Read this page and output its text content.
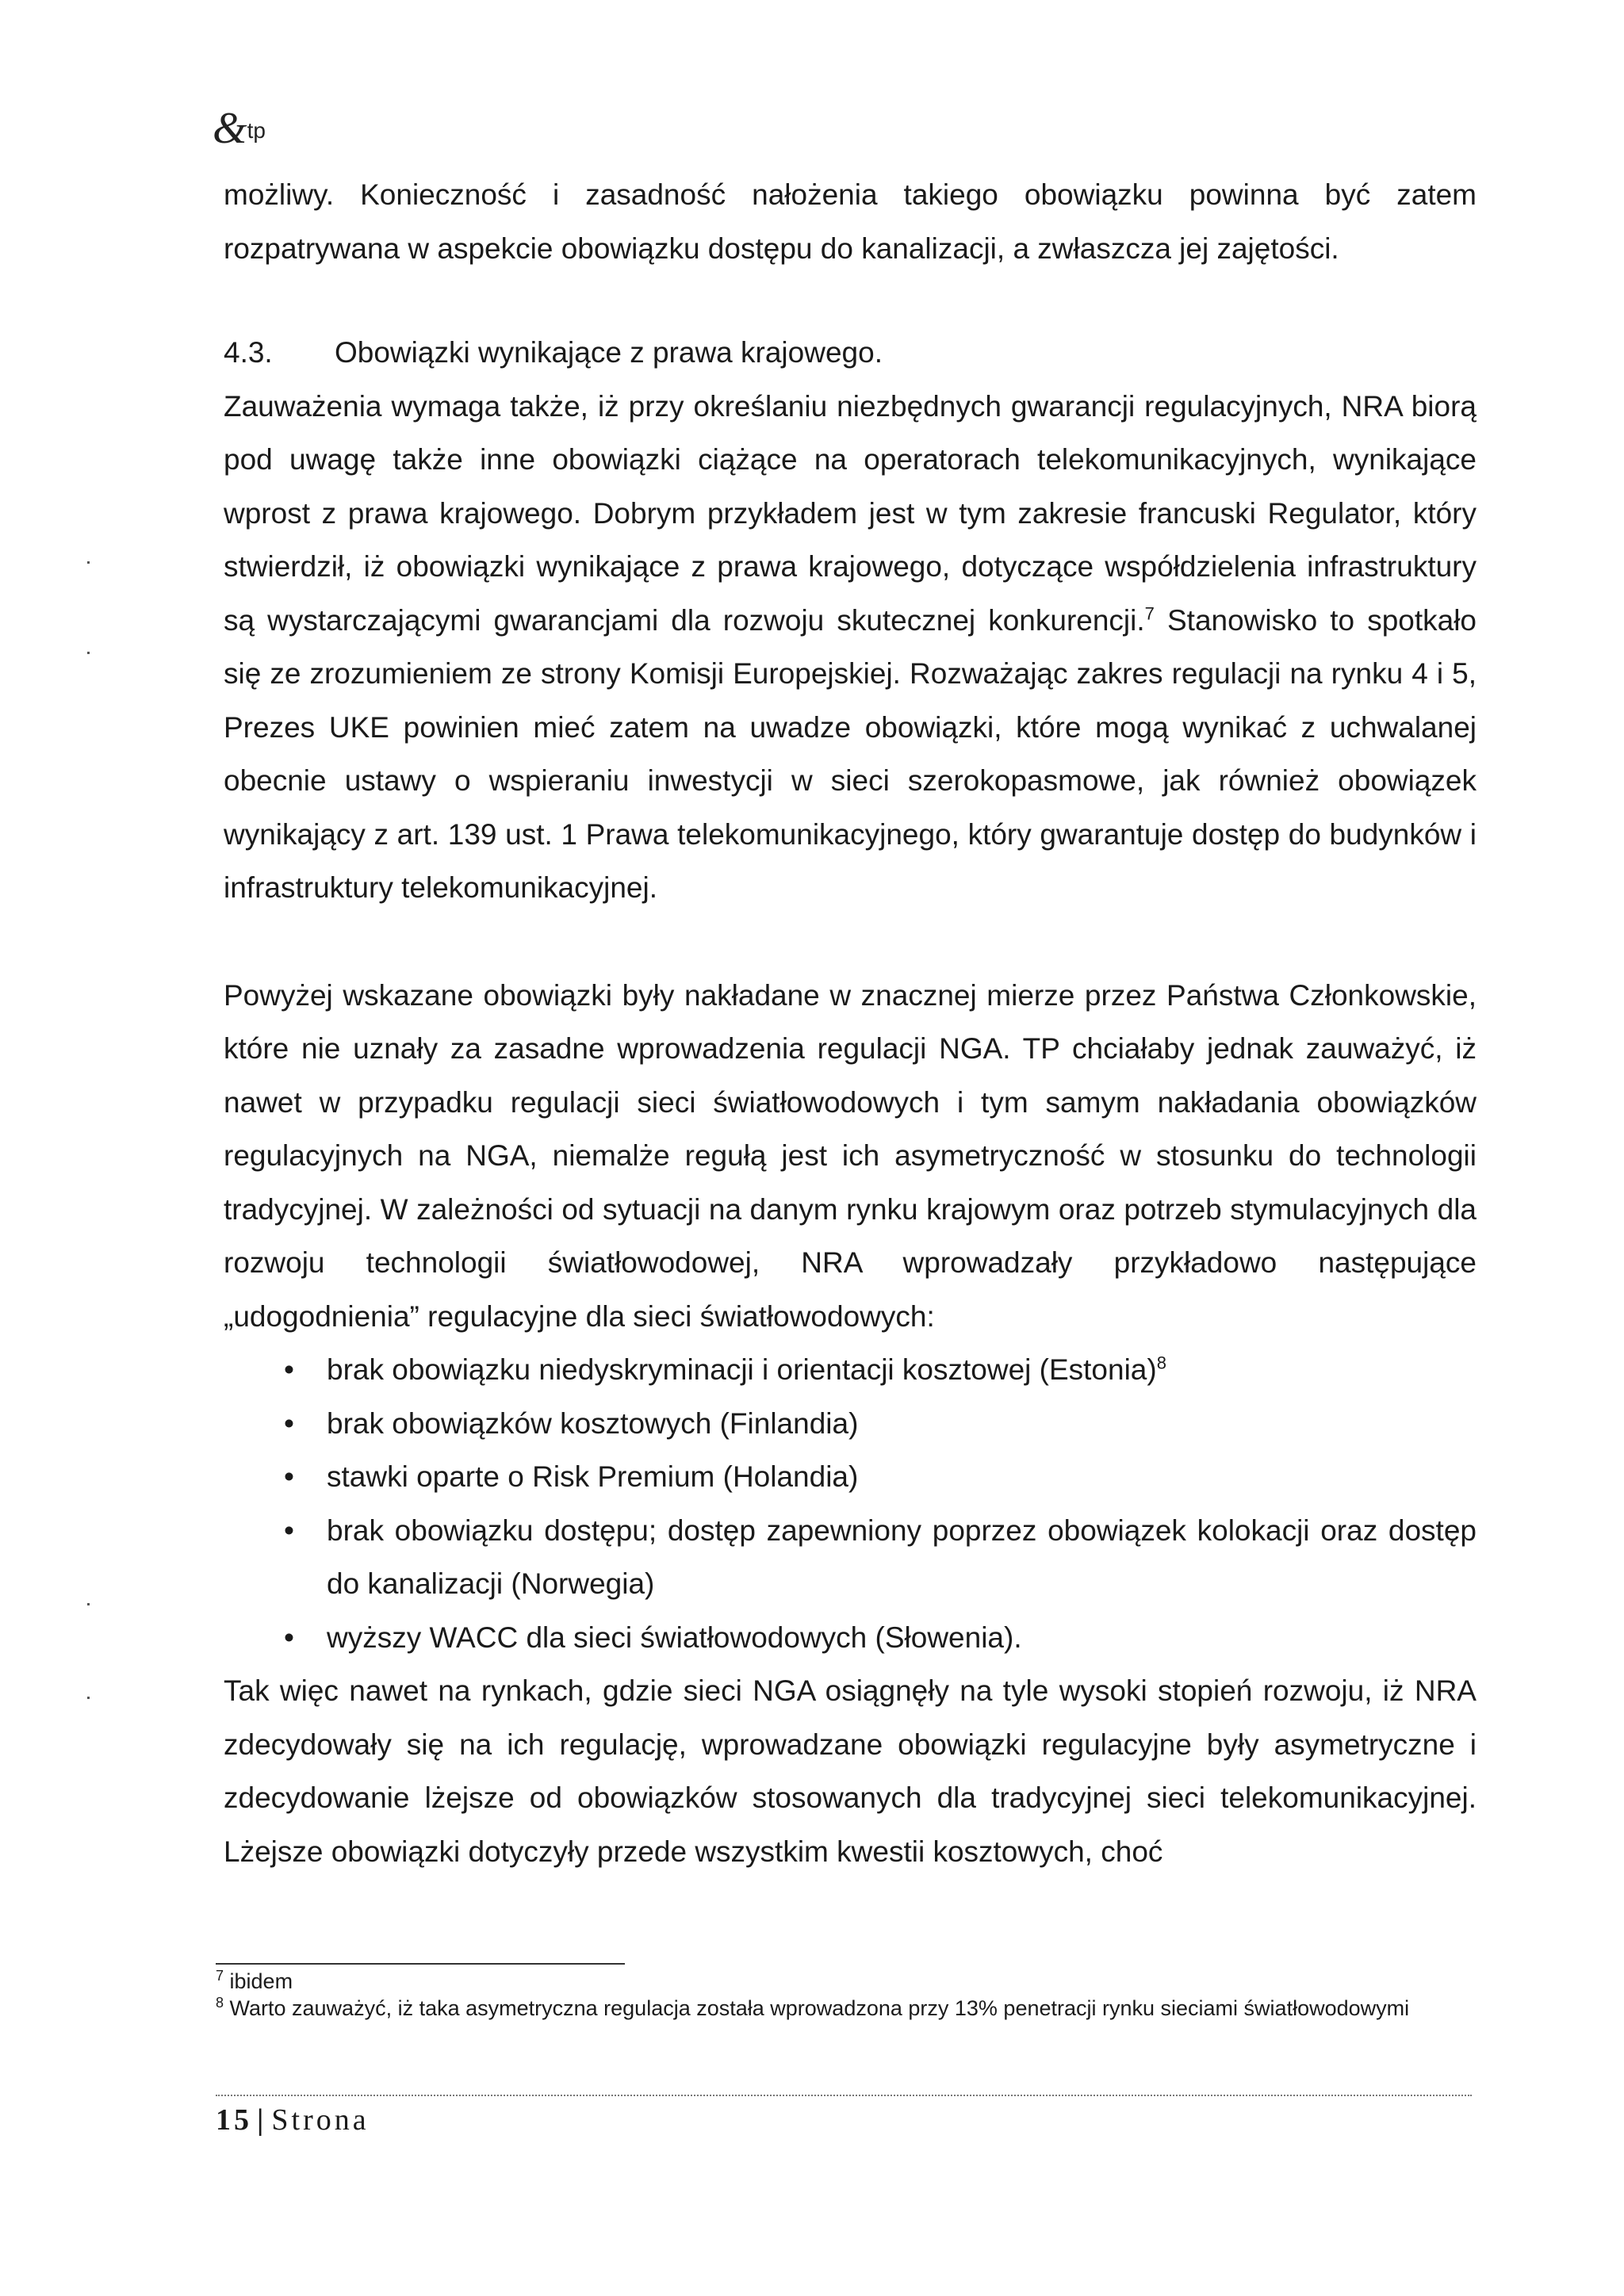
&tp

możliwy. Konieczność i zasadność nałożenia takiego obowiązku powinna być zatem rozpatrywana w aspekcie obowiązku dostępu do kanalizacji, a zwłaszcza jej zajętości.

4.3.	Obowiązki wynikające z prawa krajowego.

Zauważenia wymaga także, iż przy określaniu niezbędnych gwarancji regulacyjnych, NRA biorą pod uwagę także inne obowiązki ciążące na operatorach telekomunikacyjnych, wynikające wprost z prawa krajowego. Dobrym przykładem jest w tym zakresie francuski Regulator, który stwierdził, iż obowiązki wynikające z prawa krajowego, dotyczące współdzielenia infrastruktury są wystarczającymi gwarancjami dla rozwoju skutecznej konkurencji.$^7$ Stanowisko to spotkało się ze zrozumieniem ze strony Komisji Europejskiej. Rozważając zakres regulacji na rynku 4 i 5, Prezes UKE powinien mieć zatem na uwadze obowiązki, które mogą wynikać z uchwalanej obecnie ustawy o wspieraniu inwestycji w sieci szerokopasmowe, jak również obowiązek wynikający z art. 139 ust. 1 Prawa telekomunikacyjnego, który gwarantuje dostęp do budynków i infrastruktury telekomunikacyjnej.

Powyżej wskazane obowiązki były nakładane w znacznej mierze przez Państwa Członkowskie, które nie uznały za zasadne wprowadzenia regulacji NGA. TP chciałaby jednak zauważyć, iż nawet w przypadku regulacji sieci światłowodowych i tym samym nakładania obowiązków regulacyjnych na NGA, niemalże regułą jest ich asymetryczność w stosunku do technologii tradycyjnej. W zależności od sytuacji na danym rynku krajowym oraz potrzeb stymulacyjnych dla rozwoju technologii światłowodowej, NRA wprowadzały przykładowo następujące „udogodnienia” regulacyjne dla sieci światłowodowych:

• brak obowiązku niedyskryminacji i orientacji kosztowej (Estonia)$^8$
• brak obowiązków kosztowych (Finlandia)
• stawki oparte o Risk Premium (Holandia)
• brak obowiązku dostępu; dostęp zapewniony poprzez obowiązek kolokacji oraz dostęp do kanalizacji (Norwegia)
• wyższy WACC dla sieci światłowodowych (Słowenia).

Tak więc nawet na rynkach, gdzie sieci NGA osiągnęły na tyle wysoki stopień rozwoju, iż NRA zdecydowały się na ich regulację, wprowadzane obowiązki regulacyjne były asymetryczne i zdecydowanie lżejsze od obowiązków stosowanych dla tradycyjnej sieci telekomunikacyjnej. Lżejsze obowiązki dotyczyły przede wszystkim kwestii kosztowych, choć

$^7$ ibidem

$^8$ Warto zauważyć, iż taka asymetryczna regulacja została wprowadzona przy 13% penetracji rynku sieciami światłowodowymi

15 | Strona
